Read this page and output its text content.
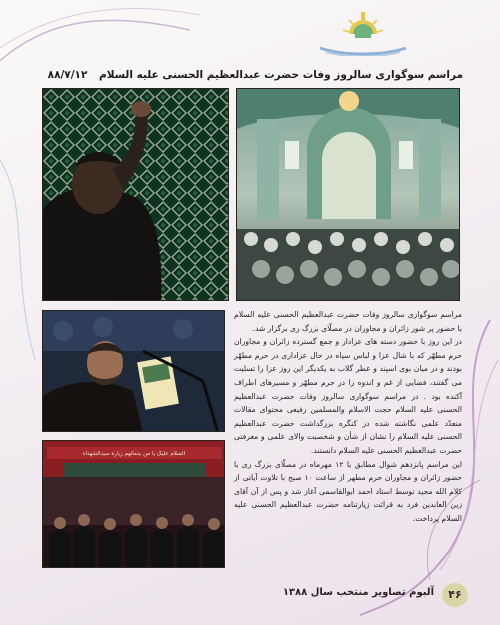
مراسم سوگواری سالروز وفات حضرت عبدالعظیم الحسنی علیه السلام ۸۸/۷/۱۲
السلام علیک یا من بدمائهم زیارة سیدالشهداء

مراسم سوگواری سالروز وفات حضرت عبدالعظیم الحسنی علیه السلام با حضور پر شور زائران و مجاوران در مصلّای بزرگ ری برگزار شد.

در این روز با حضور دسته های عزادار و جمع گسترده زائران و مجاوران حرم مطهّر که با شال عزا و لباس سیاه در حال عزاداری در حرم مطهّر بودند و در میان بوی اسپند و عطر گلاب به یکدیگر این روز عزا را تسلیت می گفتند، فضایی از غم و اندوه را در حرم مطهّر و مسیرهای اطراف آکنده بود . در مراسم سوگواری سالروز وفات حضرت عبدالعظیم الحسنی علیه السلام حجت الاسلام والمسلمین رفیعی محتوای مقالات متعدّد علمی نگاشته شده در کنگره بزرگداشت حضرت عبدالعظیم الحسنی علیه السلام را نشان از شأن و شخصیت والای علمی و معرفتی حضرت عبدالعظیم الحسنی علیه السلام دانستند.

این مراسم پانزدهم شوال مطابق با ۱۲ مهرماه در مصلّای بزرگ ری با حضور زائران و مجاوران حرم مطهر از ساعت ۱۰ صبح با تلاوت آیاتی از کلام الله مجید توسط استاد احمد ابوالقاسمی آغاز شد و پس از آن آقای زین العابدین فرد به قرائت زیارتنامه حضرت عبدالعظیم الحسنی علیه السلام پرداخت.

آلبوم تصاویر منتخب سال ۱۳۸۸	۴۶
